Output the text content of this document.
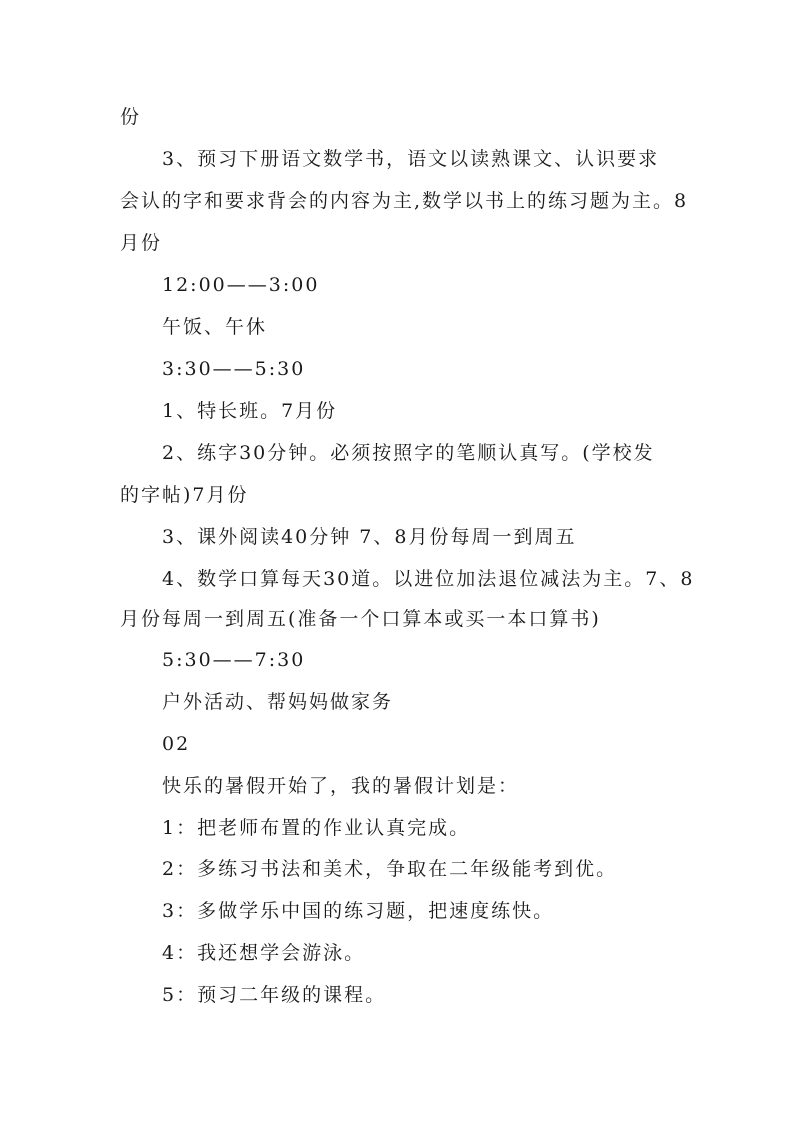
份
3、预习下册语文数学书，语文以读熟课文、认识要求
会认的字和要求背会的内容为主,数学以书上的练习题为主。8
月份
12:00——3:00
午饭、午休
3:30——5:30
1、特长班。7月份
2、练字30分钟。必须按照字的笔顺认真写。(学校发
的字帖)7月份
3、课外阅读40分钟 7、8月份每周一到周五
4、数学口算每天30道。以进位加法退位减法为主。7、8
月份每周一到周五(准备一个口算本或买一本口算书)
5:30——7:30
户外活动、帮妈妈做家务
02
快乐的暑假开始了，我的暑假计划是：
1：把老师布置的作业认真完成。
2：多练习书法和美术，争取在二年级能考到优。
3：多做学乐中国的练习题，把速度练快。
4：我还想学会游泳。
5：预习二年级的课程。
